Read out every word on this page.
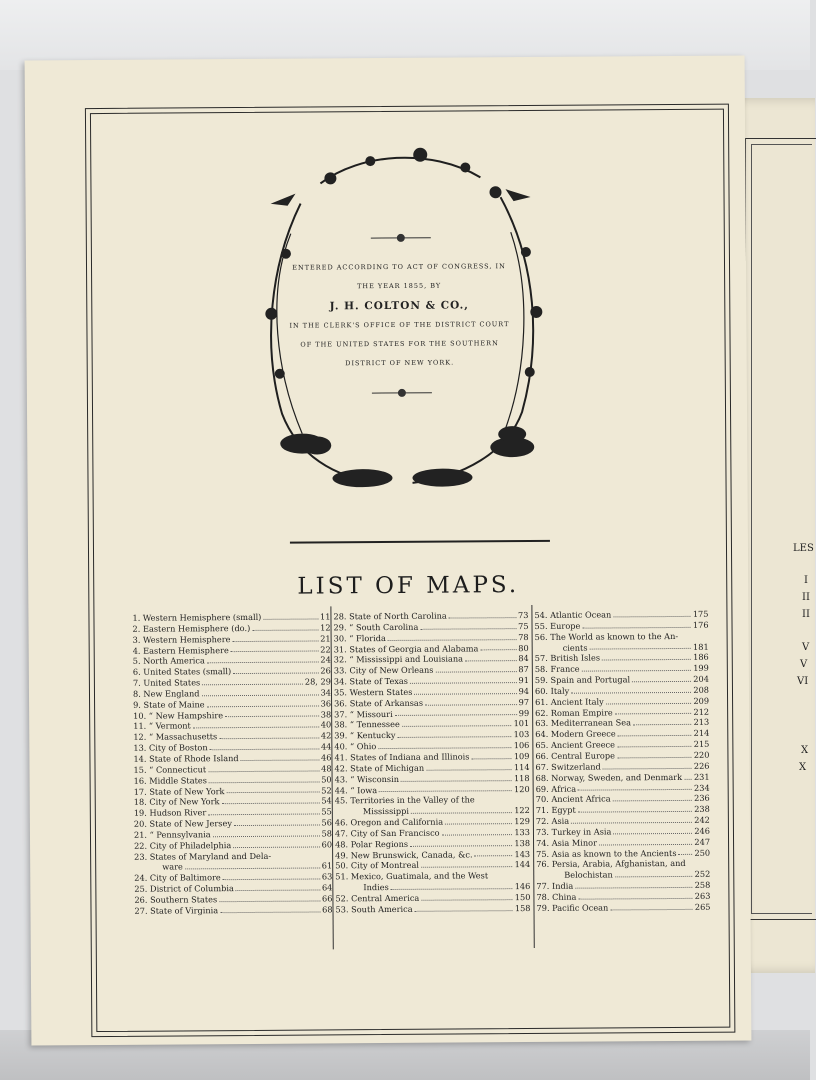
LES
I
II
II
V
V
VI
X
X
ENTERED ACCORDING TO ACT OF CONGRESS, IN
THE YEAR 1855, BY
J. H. COLTON & CO.,
IN THE CLERK'S OFFICE OF THE DISTRICT COURT
OF THE UNITED STATES FOR THE SOUTHERN
DISTRICT OF NEW YORK.
LIST OF MAPS.
1. Western Hemisphere (small)	11
2. Eastern Hemisphere (do.)	12
3. Western Hemisphere	21
4. Eastern Hemisphere	22
5. North America	24
6. United States (small)	26
7. United States	28, 29
8. New England	34
9. State of Maine	36
10. “ New Hampshire	38
11. “ Vermont	40
12. “ Massachusetts	42
13. City of Boston	44
14. State of Rhode Island	46
15. “ Connecticut	48
16. Middle States	50
17. State of New York	52
18. City of New York	54
19. Hudson River	55
20. State of New Jersey	56
21. “ Pennsylvania	58
22. City of Philadelphia	60
23. States of Maryland and Dela-
ware	61
24. City of Baltimore	63
25. District of Columbia	64
26. Southern States	66
27. State of Virginia	68
28. State of North Carolina	73
29. “ South Carolina	75
30. “ Florida	78
31. States of Georgia and Alabama	80
32. “ Mississippi and Louisiana	84
33. City of New Orleans	87
34. State of Texas	91
35. Western States	94
36. State of Arkansas	97
37. “ Missouri	99
38. “ Tennessee	101
39. “ Kentucky	103
40. “ Ohio	106
41. States of Indiana and Illinois	109
42. State of Michigan	114
43. “ Wisconsin	118
44. “ Iowa	120
45. Territories in the Valley of the
Mississippi	122
46. Oregon and California	129
47. City of San Francisco	133
48. Polar Regions	138
49. New Brunswick, Canada, &c.	143
50. City of Montreal	144
51. Mexico, Guatimala, and the West
Indies	146
52. Central America	150
53. South America	158
54. Atlantic Ocean	175
55. Europe	176
56. The World as known to the An-
cients	181
57. British Isles	186
58. France	199
59. Spain and Portugal	204
60. Italy	208
61. Ancient Italy	209
62. Roman Empire	212
63. Mediterranean Sea	213
64. Modern Greece	214
65. Ancient Greece	215
66. Central Europe	220
67. Switzerland	226
68. Norway, Sweden, and Denmark 231
69. Africa	234
70. Ancient Africa	236
71. Egypt	238
72. Asia	242
73. Turkey in Asia	246
74. Asia Minor	247
75. Asia as known to the Ancients 250
76. Persia, Arabia, Afghanistan, and
Belochistan	252
77. India	258
78. China	263
79. Pacific Ocean	265
